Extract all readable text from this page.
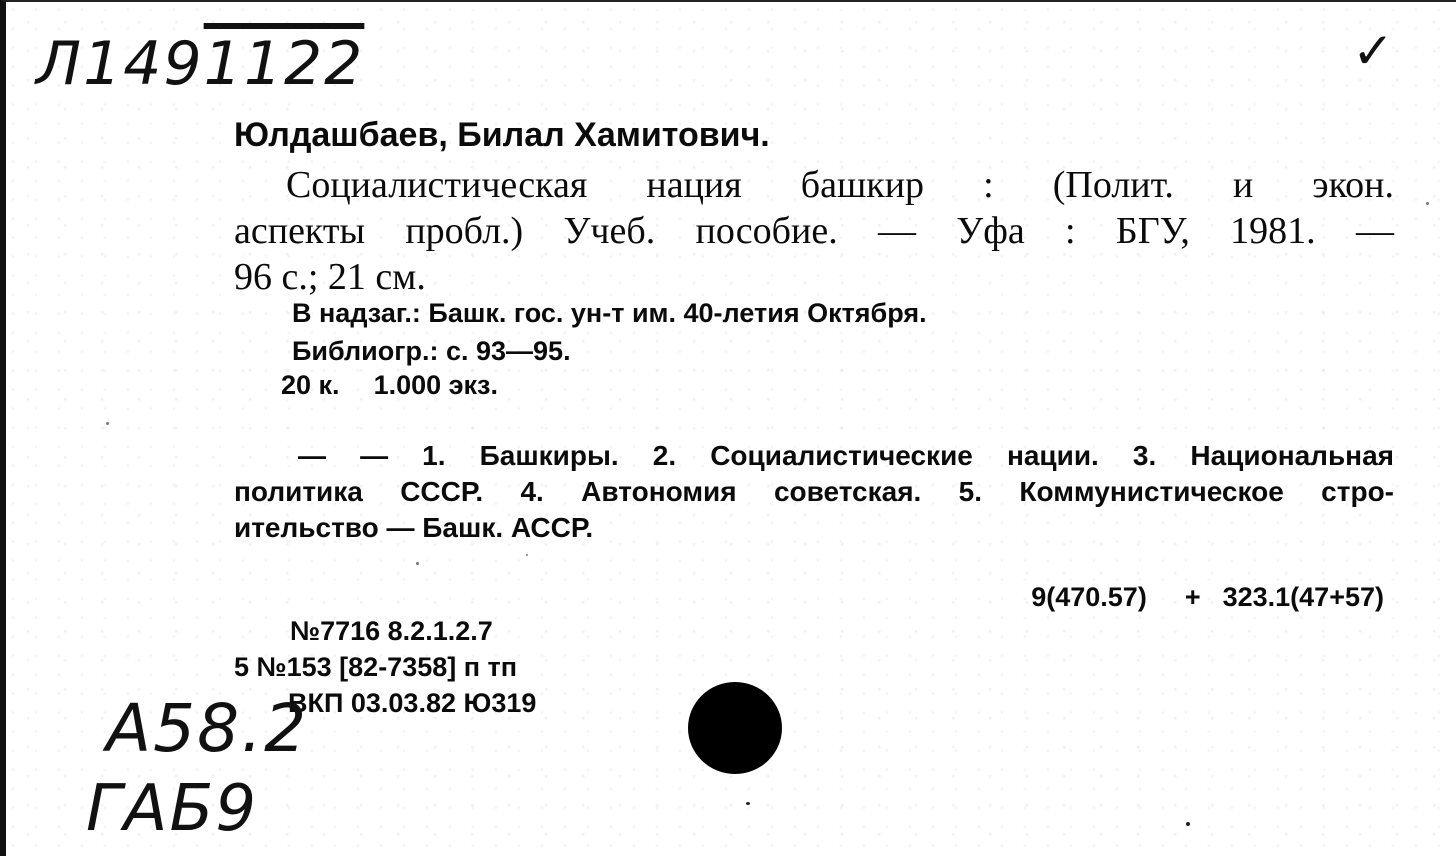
Л1491122	✓
Юлдашбаев, Билал Хамитович.
Социалистическая нация башкир : (Полит. и экон.
аспекты пробл.) Учеб. пособие. — Уфа : БГУ, 1981. —
96 с.; 21 см.
В надзаг.: Башк. гос. ун-т им. 40-летия Октября.
Библиогр.: с. 93—95.
20 к. 1.000 экз.
— — 1. Башкиры. 2. Социалистические нации. 3. Национальная
политика СССР. 4. Автономия советская. 5. Коммунистическое стро-
ительство — Башк. АССР.
9(470.57) + 323.1(47+57)
№7716 8.2.1.2.7
5 №153 [82-7358] п тп
ВКП 03.03.82 Ю319
А58.2
ГАБ9
